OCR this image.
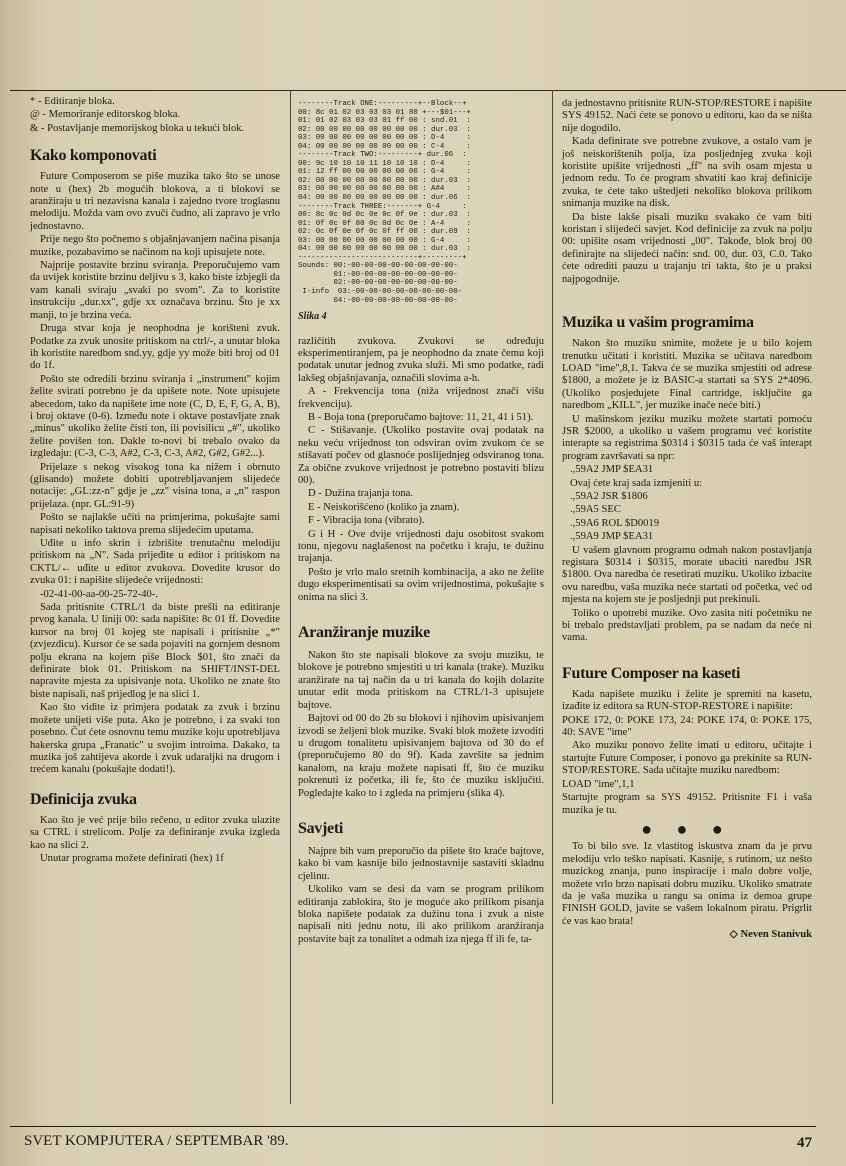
* - Editiranje bloka.

@ - Memoriranje editorskog bloka.

& - Postavljanje memorijskog bloka u tekući blok.

Kako komponovati

Future Composerom se piše muzika tako što se unose note u (hex) 2b mogućih blokova, a ti blokovi se aranžiraju u tri nezavisna kanala i zajedno tvore troglasnu melodiju. Možda vam ovo zvuči čudno, ali zapravo je vrlo jednostavno.

Prije nego što počnemo s objašnjavanjem načina pisanja muzike, pozabavimo se načinom na koji upisujete note.

Najprije postavite brzinu sviranja. Preporučujemo vam da uvijek koristite brzinu deljivu s 3, kako biste izbjegli da vam kanali sviraju „svaki po svom". Za to koristite instrukciju „dur.xx", gdje xx označava brzinu. Što je xx manji, to je brzina veća.

Druga stvar koja je neophodna je korišteni zvuk. Podatke za zvuk unosite pritiskom na ctrl/-, a unutar bloka ih koristite naredbom snd.yy, gdje yy može biti broj od 01 do 1f.

Pošto ste odredili brzinu sviranja i „instrument" kojim želite svirati potrebno je da upišete note. Note upisujete abecedom, tako da napišete ime note (C, D, E, F, G, A, B), i broj oktave (0-6). Između note i oktave postavljate znak „minus" ukoliko želite čisti ton, ili povisilicu „#", ukoliko želite povišen ton. Dakle to-novi bi trebalo ovako da izgledaju: (C-3, C-3, A#2, C-3, C-3, A#2, G#2, G#2...).

Prijelaze s nekog visokog tona ka nižem i obrnuto (glisando) možete dobiti upotrebljavanjem slijedeće notacije: „GL:zz-n" gdje je „zz" visina tona, a „n" raspon prijelaza. (npr. GL:91-9)

Pošto se najlakše učiti na primjerima, pokušajte sami napisati nekoliko taktova prema slijedećim uputama.

Uđite u info skrin i izbrišite trenutačnu melodiju pritiskom na „N". Sada prijeđite u editor i pritiskom na CKTL/← uđite u editor zvukova. Dovedite krusor do zvuka 01: i napišite slijedeće vrijednosti:

-02-41-00-aa-00-25-72-40-.

Sada pritisnite CTRL/1 da biste prešli na editiranje prvog kanala. U liniji 00: sada napišite: 8c 01 ff. Dovedite kursor na broj 01 kojeg ste napisali i pritisnite „*" (zvjezdicu). Kursor će se sada pojaviti na gornjem desnom polju ekrana na kojem piše Block $01, što znači da definirate blok 01. Pritiskom na SHIFT/INST-DEL napravite mjesta za upisivanje nota. Ukoliko ne znate što biste napisali, naš prijedlog je na slici 1.

Kao što vidite iz primjera podatak za zvuk i brzinu možete unijeti više puta. Ako je potrebno, i za svaki ton posebno. Čut ćete osnovnu temu muzike koju upotrebljava hakerska grupa „Franatic" u svojim introima. Dakako, ta muzika još zahtijeva akorde i zvuk udaraljki na drugom i trećem kanalu (pokušajte dodati!).

Definicija zvuka

Kao što je već prije bilo rečeno, u editor zvuka ulazite sa CTRL i strelicom. Polje za definiranje zvuka izgleda kao na slici 2.

Unutar programa možete definirati (hex) 1f

--------Track ONE:---------+--Block--+
00: 8c 01 02 03 03 03 01 80 +---$01---+
01: 01 02 03 03 03 01 ff 00 : snd.01  :
02: 00 00 00 00 00 00 00 00 : dur.03  :
03: 00 00 00 00 00 00 00 00 : D-4     :
04: 00 00 00 00 00 00 00 00 : C-4     :
--------Track TWO:---------+ dur.06  :
00: 9c 10 10 10 11 10 10 10 : D-4     :
01: 12 ff 00 00 00 00 00 00 : G-4     :
02: 00 00 00 00 00 00 00 00 : dur.03  :
03: 00 00 00 00 00 00 00 00 : A#4     :
04: 00 00 00 00 00 00 00 00 : dur.06  :
--------Track THREE:-------+ G-4     :
00: 8c 0c 0d 0c 0e 0c 0f 0e : dur.03  :
01: 0f 0c 0f 80 0c 0d 0c 0e : A-4     :
02: 0c 0f 0e 0f 0c 0f ff 00 : dur.09  :
03: 00 00 00 00 00 00 00 00 : G-4     :
04: 00 00 00 00 00 00 00 00 : dur.03  :
---------------------------+---------+
Sounds: 00:-00-00-00-00-00-00-00-00-
01:-00-00-00-00-00-00-00-00-
02:-00-00-00-00-00-00-00-00-
I-info  03:-00-00-00-00-00-00-00-00-
04:-00-00-00-00-00-00-00-00-
Slika 4

različitih zvukova. Zvukovi se određuju eksperimentiranjem, pa je neophodno da znate čemu koji podatak unutar jednog zvuka služi. Mi smo podatke, radi lakšeg objašnjavanja, označili slovima a-h.

A - Frekvencija tona (niža vrijednost znači višu frekvenciju).

B - Boja tona (preporučamo bajtove: 11, 21, 41 i 51).

C - Stišavanje. (Ukoliko postavite ovaj podatak na neku veću vrijednost ton odsviran ovim zvukom će se stišavati počev od glasnoće poslijednjeg odsviranog tona. Za obične zvukove vrijednost je potrebno postaviti blizu 00).

D - Dužina trajanja tona.

E - Neiskorišćeno (koliko ja znam).

F - Vibracija tona (vibrato).

G i H - Ove dvije vrijednosti daju osobitost svakom tonu, njegovu naglašenost na početku i kraju, te dužinu trajanja.

Pošto je vrlo malo sretnih kombinacija, a ako ne želite dugo eksperimentisati sa ovim vrijednostima, pokušajte s onima na slici 3.

Aranžiranje muzike

Nakon što ste napisali blokove za svoju muziku, te blokove je potrebno smjestiti u tri kanala (trake). Muziku aranžirate na taj način da u tri kanala do kojih dolazite unutar edit moda pritiskom na CTRL/1-3 upisujete bajtove.

Bajtovi od 00 do 2b su blokovi i njihovim upisivanjem izvodi se željeni blok muzike. Svaki blok možete izvoditi u drugom tonalitetu upisivanjem bajtova od 30 do ef (preporučujemo 80 do 9f). Kada završite sa jednim kanalom, na kraju možete napisati ff, što će muziku pokrenuti iz početka, ili fe, što će muziku isključiti. Pogledajte kako to i zgleda na primjeru (slika 4).

Savjeti

Najpre bih vam preporučio da pišete što kraće bajtove, kako bi vam kasnije bilo jednostavnije sastaviti skladnu cjelinu.

Ukoliko vam se desi da vam se program prilikom editiranja zablokira, što je moguće ako prilikom pisanja bloka napišete podatak za dužinu tona i zvuk a niste napisali niti jednu notu, ili ako prilikom aranžiranja postavite bajt za tonalitet a odmah iza njega ff ili fe, ta-

da jednostavno pritisnite RUN-STOP/RESTORE i napišite SYS 49152. Naći ćete se ponovo u editoru, kao da se ništa nije dogodilo.

Kada definirate sve potrebne zvukove, a ostalo vam je još neiskorištenih polja, iza posljednjeg zvuka koji koristite upišite vrijednosti „ff" na svih osam mjesta u jednom redu. To će program shvatiti kao kraj definicije zvuka, te ćete tako uštedjeti nekoliko blokova prilikom snimanja muzike na disk.

Da biste lakše pisali muziku svakako će vam biti koristan i slijedeći savjet. Kod definicije za zvuk na polju 00: upišite osam vrijednosti „00". Takođe, blok broj 00 definirajte na slijedeći način: snd. 00, dur. 03, C.0. Tako ćete odrediti pauzu u trajanju tri takta, što je u praksi najpogodnije.

Muzika u vašim programima

Nakon što muziku snimite, možete je u bilo kojem trenutku učitati i koristiti. Muzika se učitava naredbom LOAD "ime",8,1. Takva će se muzika smjestiti od adrese $1800, a možete je iz BASIC-a startati sa SYS 2*4096. (Ukoliko posjedujete Final cartridge, isključite ga naredbom „KILL", jer muzike inače neće biti.)

U mašinskom jeziku muziku možete startati pomoću JSR $2000, a ukoliko u vašem programu već koristite interapte sa registrima $0314 i $0315 tada će vaš interapt program završavati sa npr:

.,59A2 JMP $EA31

Ovaj ćete kraj sada izmjeniti u:

.,59A2 JSR $1806

.,59A5 SEC

.,59A6 ROL $D0019

.,59A9 JMP $EA31

U vašem glavnom programu odmah nakon postavljanja registara $0314 i $0315, morate ubaciti naredbu JSR $1800. Ova naredba će resetirati muziku. Ukoliko izbacite ovu naredbu, vaša muzika neće startati od početka, već od mjesta na kojem ste je posljednji put prekinuli.

Toliko o upotrebi muzike. Ovo zasita niti početniku ne bi trebalo predstavljati problem, pa se nadam da neće ni vama.

Future Composer na kaseti

Kada napišete muziku i želite je spremiti na kasetu, izađite iz editora sa RUN-STOP-RESTORE i napišite:

POKE 172, 0: POKE 173, 24: POKE 174, 0: POKE 175, 40: SAVE "ime"

Ako muziku ponovo želite imati u editoru, učitajte i startujte Future Composer, i ponovo ga prekinite sa RUN-STOP/RESTORE. Sada učitajte muziku naredbom:

LOAD "ime",1,1

Startujte program sa SYS 49152. Pritisnite F1 i vaša muzika je tu.

● ● ●

To bi bilo sve. Iz vlastitog iskustva znam da je prvu melodiju vrlo teško napisati. Kasnije, s rutinom, uz nešto muzickog znanja, puno inspiracije i malo dobre volje, možete vrlo brzo napisati dobru muziku. Ukoliko smatrate da je vaša muzika u rangu sa onima iz demoa grupe FINISH GOLD, javite se vašem lokalnom piratu. Prigrlit će vas kao brata!

◇ Neven Stanivuk

SVET KOMPJUTERA / SEPTEMBAR '89.	47
